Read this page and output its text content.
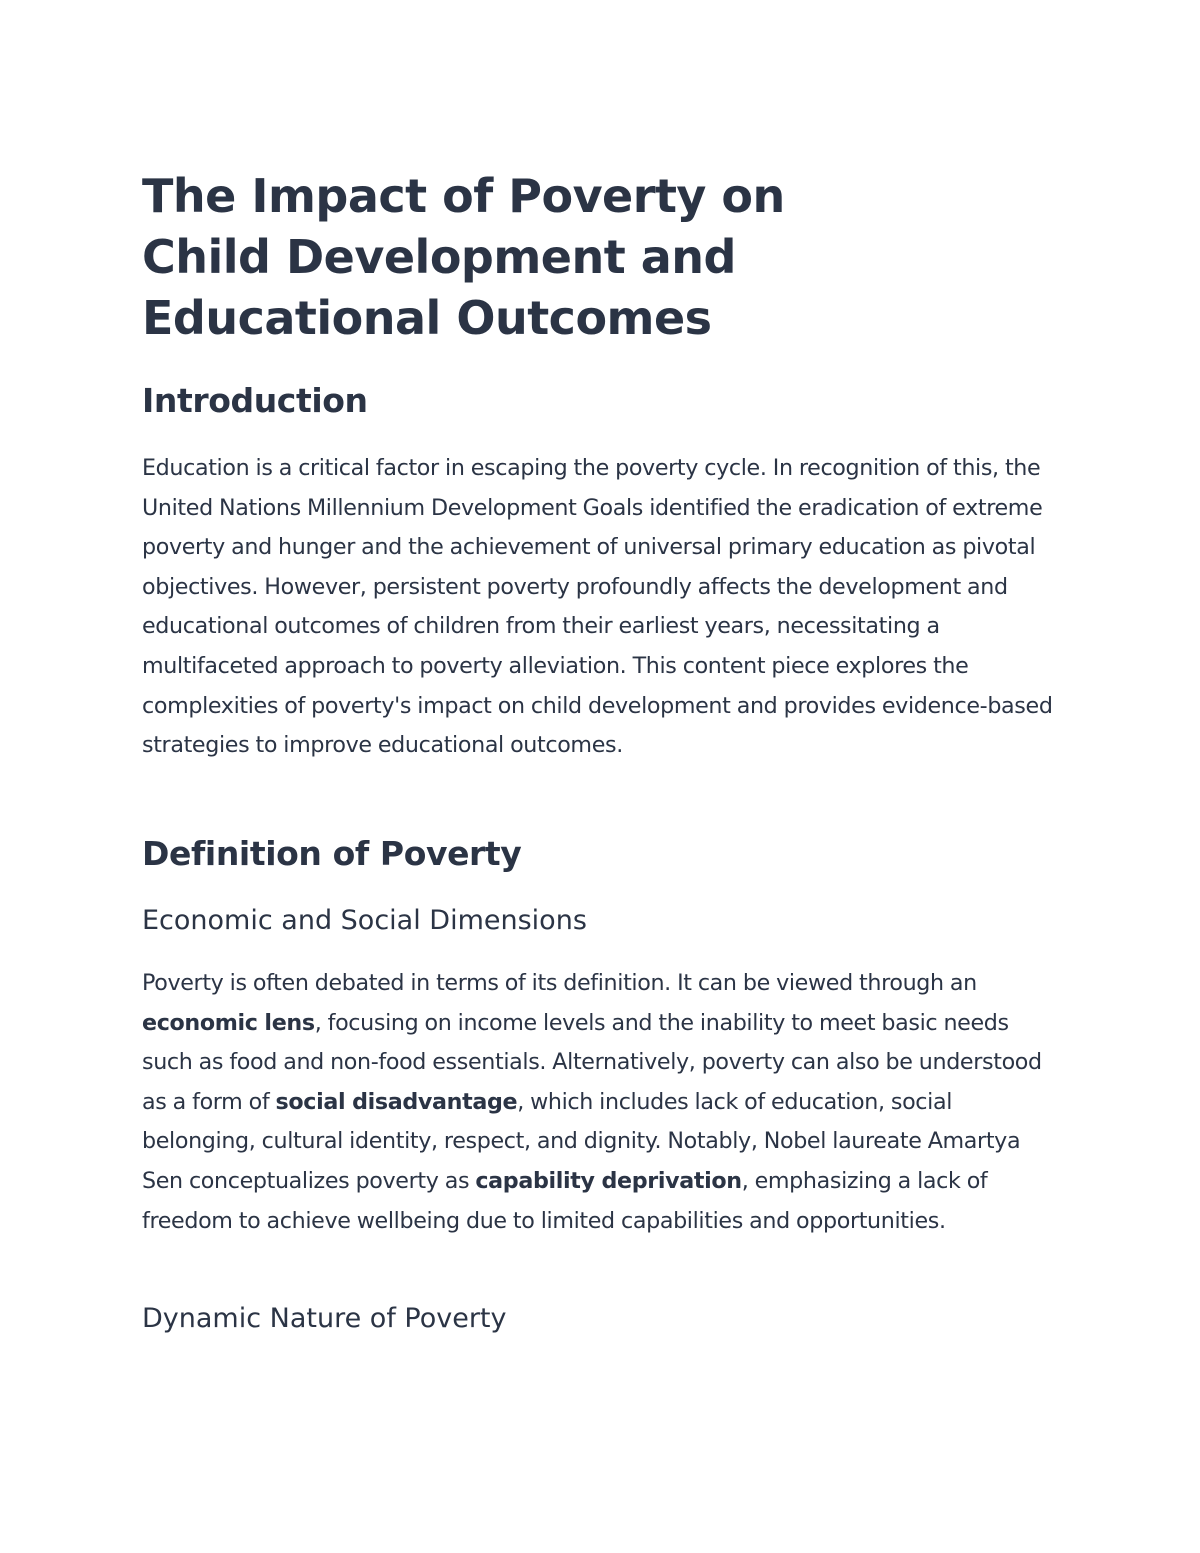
The Impact of Poverty on Child Development and Educational Outcomes
Introduction

Education is a critical factor in escaping the poverty cycle. In recognition of this, the United Nations Millennium Development Goals identified the eradication of extreme poverty and hunger and the achievement of universal primary education as pivotal objectives. However, persistent poverty profoundly affects the development and educational outcomes of children from their earliest years, necessitating a multifaceted approach to poverty alleviation. This content piece explores the complexities of poverty's impact on child development and provides evidence-based strategies to improve educational outcomes.

Definition of Poverty
Economic and Social Dimensions

Poverty is often debated in terms of its definition. It can be viewed through an economic lens, focusing on income levels and the inability to meet basic needs such as food and non-food essentials. Alternatively, poverty can also be understood as a form of social disadvantage, which includes lack of education, social belonging, cultural identity, respect, and dignity. Notably, Nobel laureate Amartya Sen conceptualizes poverty as capability deprivation, emphasizing a lack of freedom to achieve wellbeing due to limited capabilities and opportunities.

Dynamic Nature of Poverty
